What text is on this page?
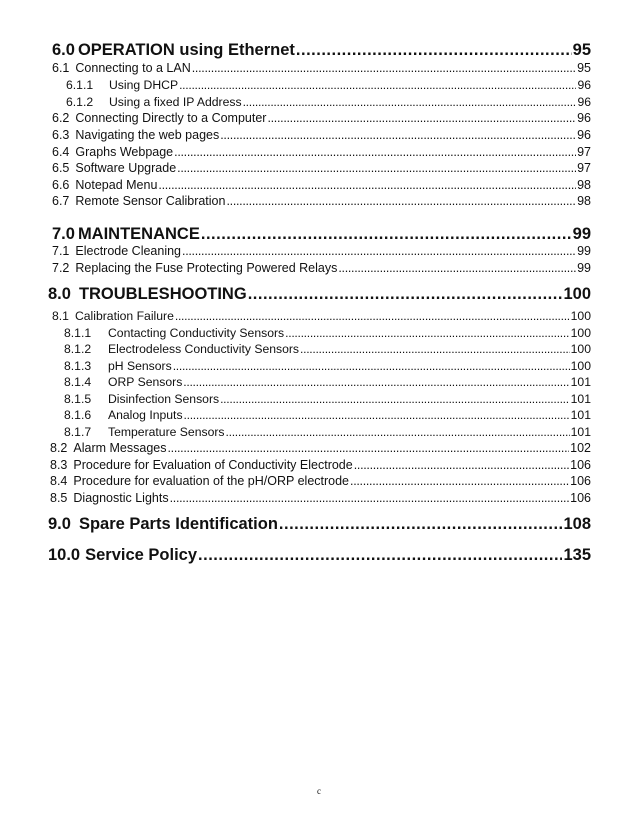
6.0 OPERATION using Ethernet .....	95
6.1 Connecting to a LAN .....	95
6.1.1	Using DHCP .....	96
6.1.2	Using a fixed IP Address .....	96
6.2 Connecting Directly to a Computer .....	96
6.3 Navigating the web pages .....	96
6.4 Graphs Webpage .....	97
6.5 Software Upgrade .....	97
6.6 Notepad Menu .....	98
6.7 Remote Sensor Calibration .....	98
7.0 MAINTENANCE .....	99
7.1 Electrode Cleaning .....	99
7.2 Replacing the Fuse Protecting Powered Relays .....	99
8.0 TROUBLESHOOTING .....	100
8.1 Calibration Failure .....	100
8.1.1	Contacting Conductivity Sensors .....	100
8.1.2	Electrodeless Conductivity Sensors .....	100
8.1.3	pH Sensors .....	100
8.1.4	ORP Sensors .....	101
8.1.5	Disinfection Sensors .....	101
8.1.6	Analog Inputs .....	101
8.1.7	Temperature Sensors .....	101
8.2 Alarm Messages .....	102
8.3 Procedure for Evaluation of Conductivity Electrode .....	106
8.4 Procedure for evaluation of the pH/ORP electrode .....	106
8.5 Diagnostic Lights .....	106
9.0 Spare Parts Identification .....	108
10.0 Service Policy .....	135
c
